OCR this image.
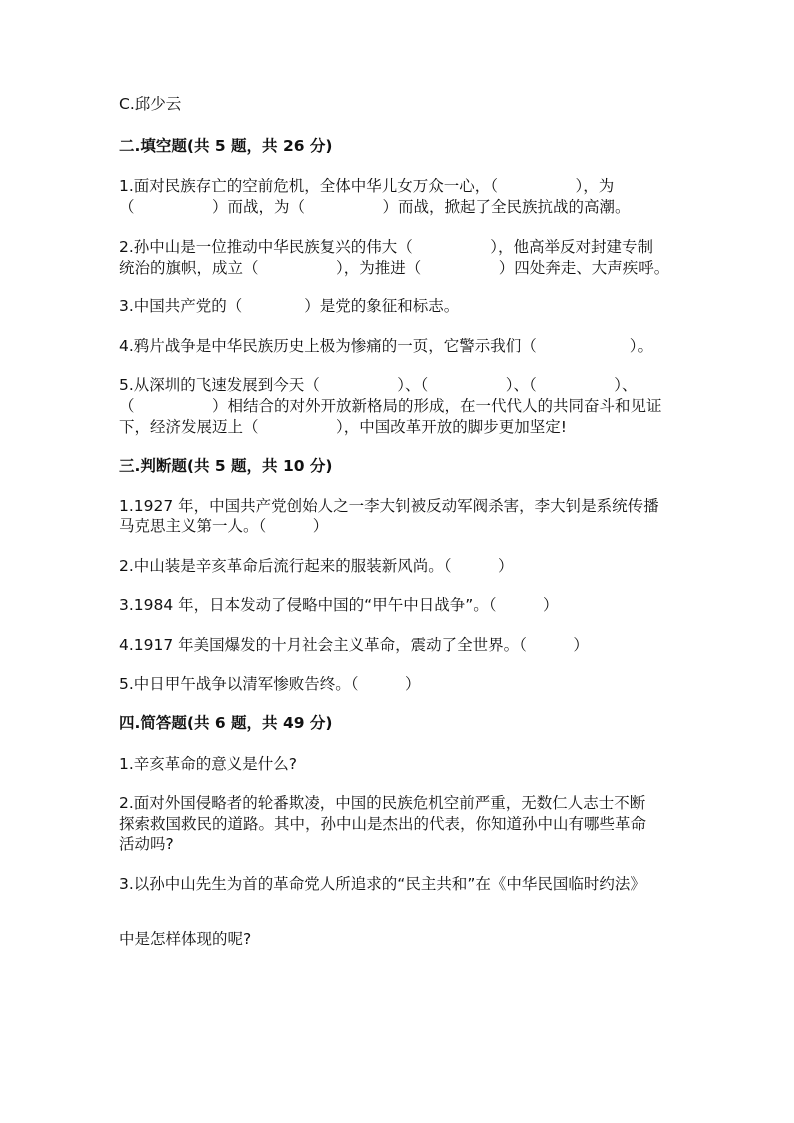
C.邱少云

二.填空题(共 5 题，共 26 分)

1.面对民族存亡的空前危机，全体中华儿女万众一心，（　　　　　），为

（　　　　　）而战，为（　　　　　）而战，掀起了全民族抗战的高潮。

2.孙中山是一位推动中华民族复兴的伟大（　　　　　），他高举反对封建专制

统治的旗帜，成立（　　　　　），为推进（　　　　　）四处奔走、大声疾呼。

3.中国共产党的（　　　　）是党的象征和标志。

4.鸦片战争是中华民族历史上极为惨痛的一页，它警示我们（　　　　　　）。

5.从深圳的飞速发展到今天（　　　　　）、（　　　　　）、（　　　　　）、

（　　　　　）相结合的对外开放新格局的形成，在一代代人的共同奋斗和见证

下，经济发展迈上（　　　　　），中国改革开放的脚步更加坚定!

三.判断题(共 5 题，共 10 分)

1.1927 年，中国共产党创始人之一李大钊被反动军阀杀害，李大钊是系统传播

马克思主义第一人。（　　　）

2.中山装是辛亥革命后流行起来的服装新风尚。（　　　）

3.1984 年，日本发动了侵略中国的“甲午中日战争”。（　　　）

4.1917 年美国爆发的十月社会主义革命，震动了全世界。（　　　）

5.中日甲午战争以清军惨败告终。（　　　）

四.简答题(共 6 题，共 49 分)

1.辛亥革命的意义是什么?

2.面对外国侵略者的轮番欺凌，中国的民族危机空前严重，无数仁人志士不断

探索救国救民的道路。其中，孙中山是杰出的代表，你知道孙中山有哪些革命

活动吗?

3.以孙中山先生为首的革命党人所追求的“民主共和”在《中华民国临时约法》

中是怎样体现的呢?
